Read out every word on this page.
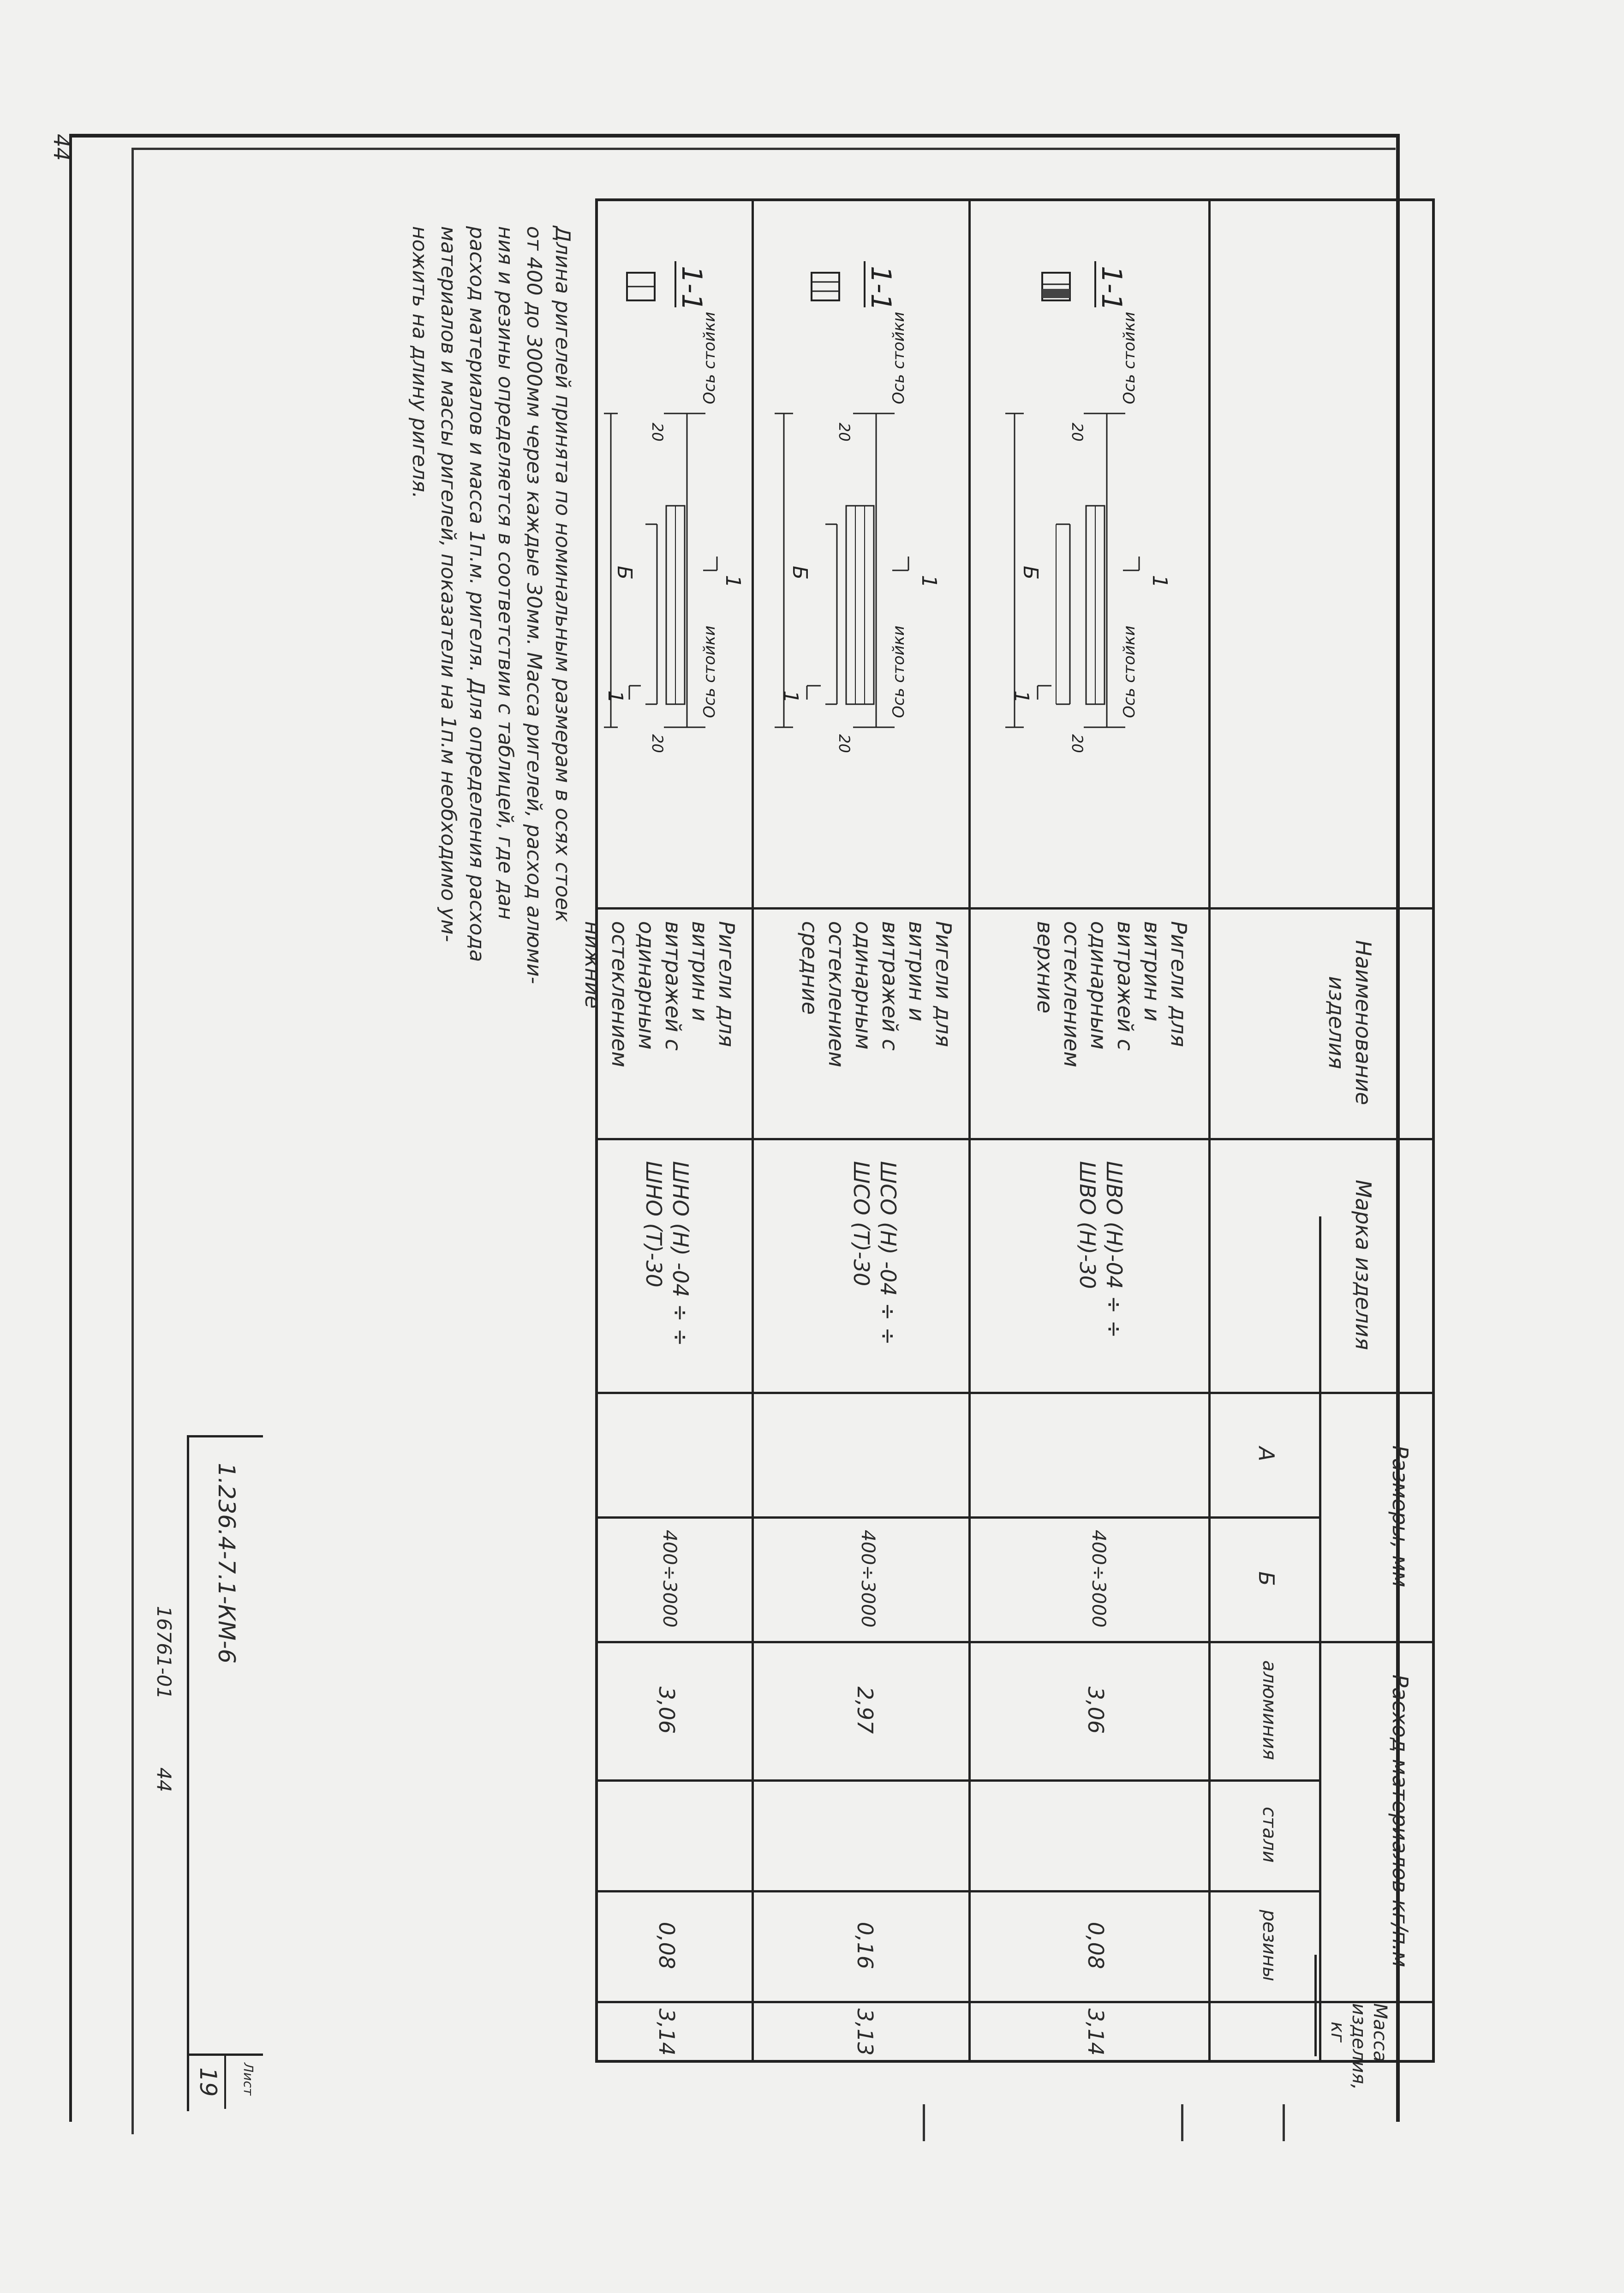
44
Наименование изделия
Марка изделия
Размеры, мм
А
Б
Расход материалов кг/п.м
алюминия
стали
резины
Масса изделия, кг
1-1
1
1
Б
Ось стойки
Ось стойки
20
20
Ригели для витрин и витражей с одинарным остеклением верхние
ШВО (Н)-04 ÷ ÷ ШВО (Н)-30
400÷3000
3,06
0,08
3,14
1-1
1
1
Б
Ось стойки
Ось стойки
20
20
Ригели для витрин и витражей с одинарным остеклением средние
ШСО (Н) -04 ÷ ÷ ШСО (Т)-30
400÷3000
2,97
0,16
3,13
1-1
1
1
Б
Ось стойки
Ось стойки
20
20
Ригели для витрин и витражей с одинарным остеклением нижние
ШНО (Н) -04 ÷ ÷ ШНО (Т)-30
400÷3000
3,06
0,08
3,14
Длина ригелей принята по номинальным размерам в осях стоек
от 400 до 3000мм через каждые 30мм. Масса ригелей, расход алюми-
ния и резины определяется в соответствии с таблицей, где дан
расход материалов и масса 1п.м. ригеля. Для определения расхода
материалов и массы ригелей, показатели на 1п.м необходимо ум-
ножить на длину ригеля.
1.236.4-7.1-КМ-6
Лист
19
16761-01
44
